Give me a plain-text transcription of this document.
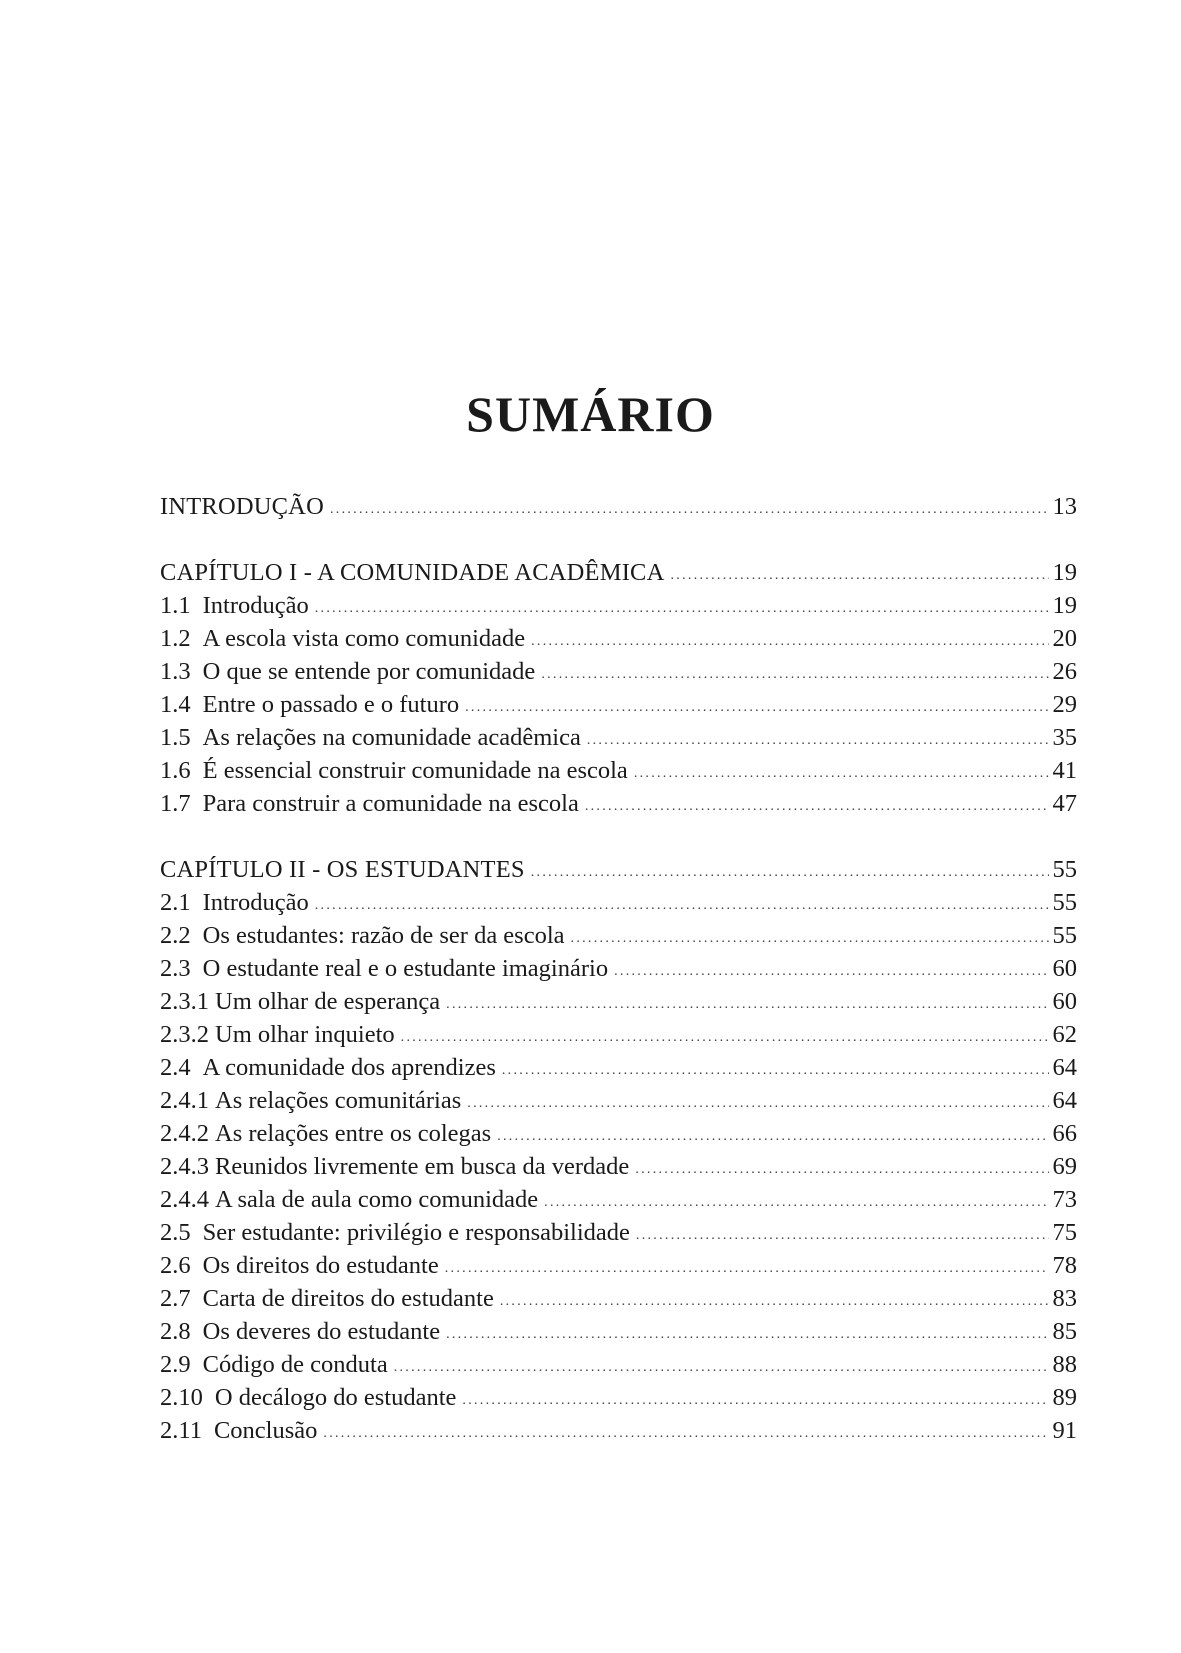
SUMÁRIO
INTRODUÇÃO .....	13
CAPÍTULO I - A COMUNIDADE ACADÊMICA .....	19
1.1 Introdução .....	19
1.2 A escola vista como comunidade .....	20
1.3 O que se entende por comunidade .....	26
1.4 Entre o passado e o futuro .....	29
1.5 As relações na comunidade acadêmica .....	35
1.6 É essencial construir comunidade na escola .....	41
1.7 Para construir a comunidade na escola .....	47
CAPÍTULO II - OS ESTUDANTES .....	55
2.1 Introdução .....	55
2.2 Os estudantes: razão de ser da escola .....	55
2.3 O estudante real e o estudante imaginário .....	60
2.3.1 Um olhar de esperança .....	60
2.3.2 Um olhar inquieto .....	62
2.4 A comunidade dos aprendizes .....	64
2.4.1 As relações comunitárias .....	64
2.4.2 As relações entre os colegas .....	66
2.4.3 Reunidos livremente em busca da verdade .....	69
2.4.4 A sala de aula como comunidade .....	73
2.5 Ser estudante: privilégio e responsabilidade .....	75
2.6 Os direitos do estudante .....	78
2.7 Carta de direitos do estudante .....	83
2.8 Os deveres do estudante .....	85
2.9 Código de conduta .....	88
2.10 O decálogo do estudante .....	89
2.11 Conclusão .....	91
